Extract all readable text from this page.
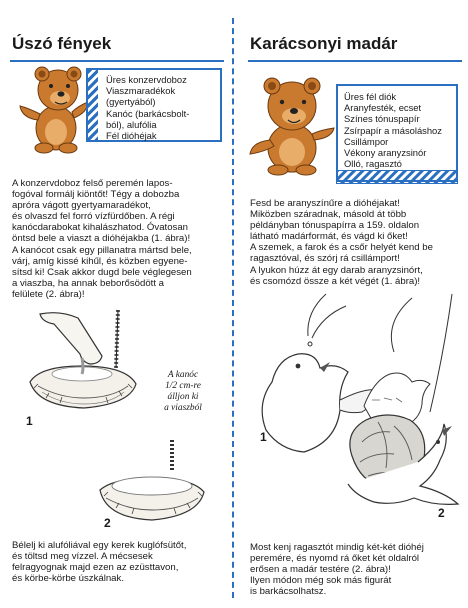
Úszó fények
Üres konzervdoboz
Viaszmaradékok
(gyertyából)
Kanóc (barkácsbolt-
ból), alufólia
Fél dióhéjak
A konzervdoboz felső peremén lapos-
fogóval formálj kiöntőt! Tégy a dobozba
apróra vágott gyertyamaradékot,
és olvaszd fel forró vízfürdőben. A régi
kanócdarabokat kihalászhatod. Óvatosan
öntsd bele a viaszt a dióhéjakba (1. ábra)!
A kanócot csak egy pillanatra mártsd bele,
várj, amíg kissé kihűl, és közben egyene-
sítsd ki! Csak akkor dugd bele véglegesen
a viaszba, ha annak beborősödött a
felülete (2. ábra)!
1
A kanóc
1/2 cm-re
álljon ki
a viaszból
2
Bélelj ki alufóliával egy kerek kuglófsütőt,
és töltsd meg vízzel. A mécsesek
felragyognak majd ezen az ezüsttavon,
és körbe-körbe úszkálnak.
Karácsonyi madár
Üres fél diók
Aranyfesték, ecset
Színes tónuspapír
Zsírpapír a másoláshoz
Csillámpor
Vékony aranyzsinór
Olló, ragasztó
Fesd be aranyszínűre a dióhéjakat!
Miközben száradnak, másold át több
példányban tónuspapírra a 159. oldalon
látható madárformát, és vágd ki őket!
A szemek, a farok és a csőr helyét kend be
ragasztóval, és szórj rá csillámport!
A lyukon húzz át egy darab aranyzsinórt,
és csomózd össze a két végét (1. ábra)!
1
2
Most kenj ragasztót mindig két-két dióhéj
peremére, és nyomd rá őket két oldalról
erősen a madár testére (2. ábra)!
Ilyen módon még sok más figurát
is barkácsolhatsz.
